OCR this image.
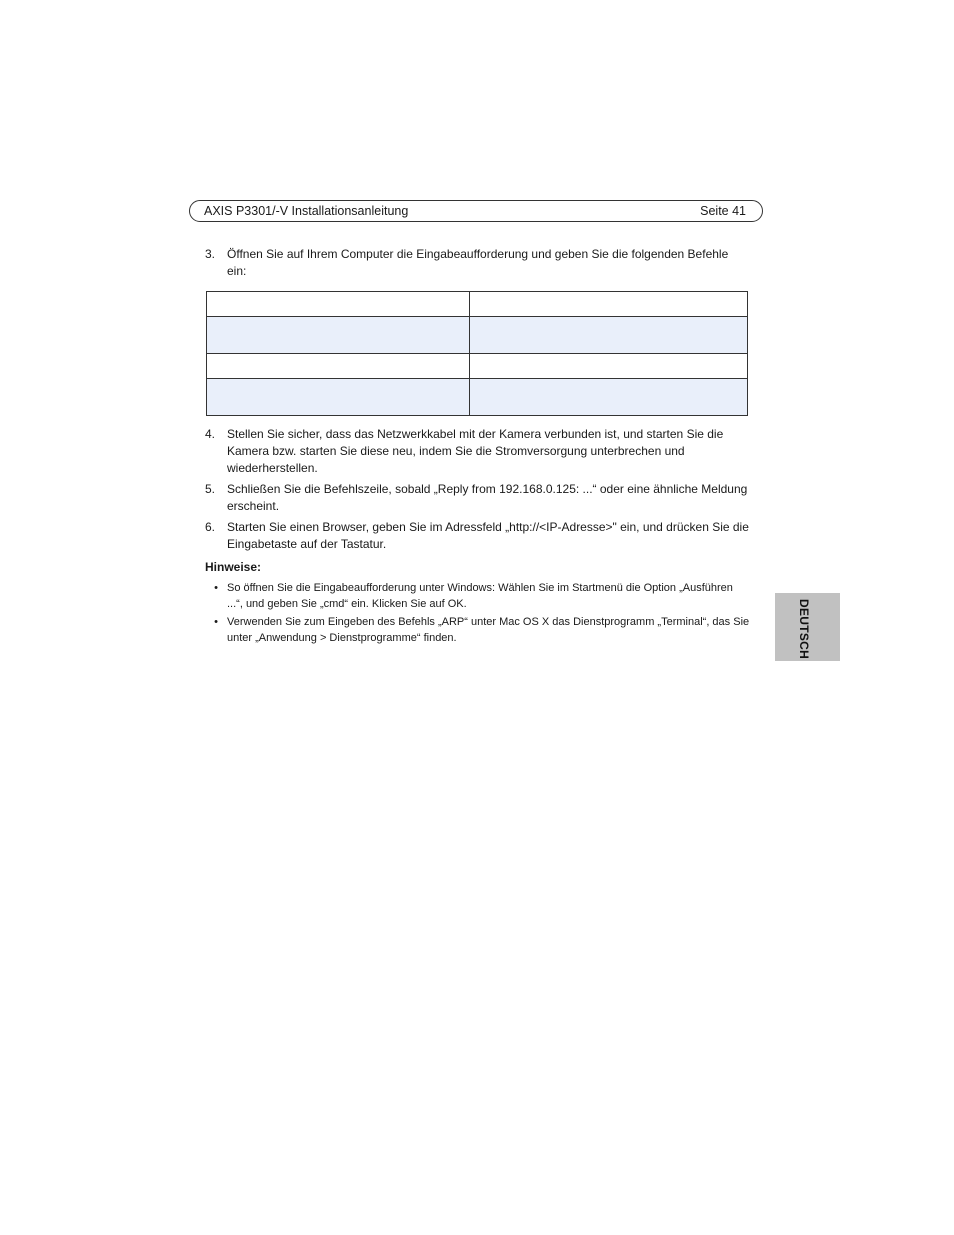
AXIS P3301/-V Installationsanleitung	Seite 41
3. Öffnen Sie auf Ihrem Computer die Eingabeaufforderung und geben Sie die folgenden Befehle ein:

4. Stellen Sie sicher, dass das Netzwerkkabel mit der Kamera verbunden ist, und starten Sie die Kamera bzw. starten Sie diese neu, indem Sie die Stromversorgung unterbrechen und wiederherstellen.
5. Schließen Sie die Befehlszeile, sobald „Reply from 192.168.0.125: ...“ oder eine ähnliche Meldung erscheint.
6. Starten Sie einen Browser, geben Sie im Adressfeld „http://<IP-Adresse>" ein, und drücken Sie die Eingabetaste auf der Tastatur.
Hinweise:
• So öffnen Sie die Eingabeaufforderung unter Windows: Wählen Sie im Startmenü die Option „Ausführen ...“, und geben Sie „cmd“ ein. Klicken Sie auf OK.
• Verwenden Sie zum Eingeben des Befehls „ARP“ unter Mac OS X das Dienstprogramm „Terminal“, das Sie unter „Anwendung > Dienstprogramme“ finden.	DEUTSCH
